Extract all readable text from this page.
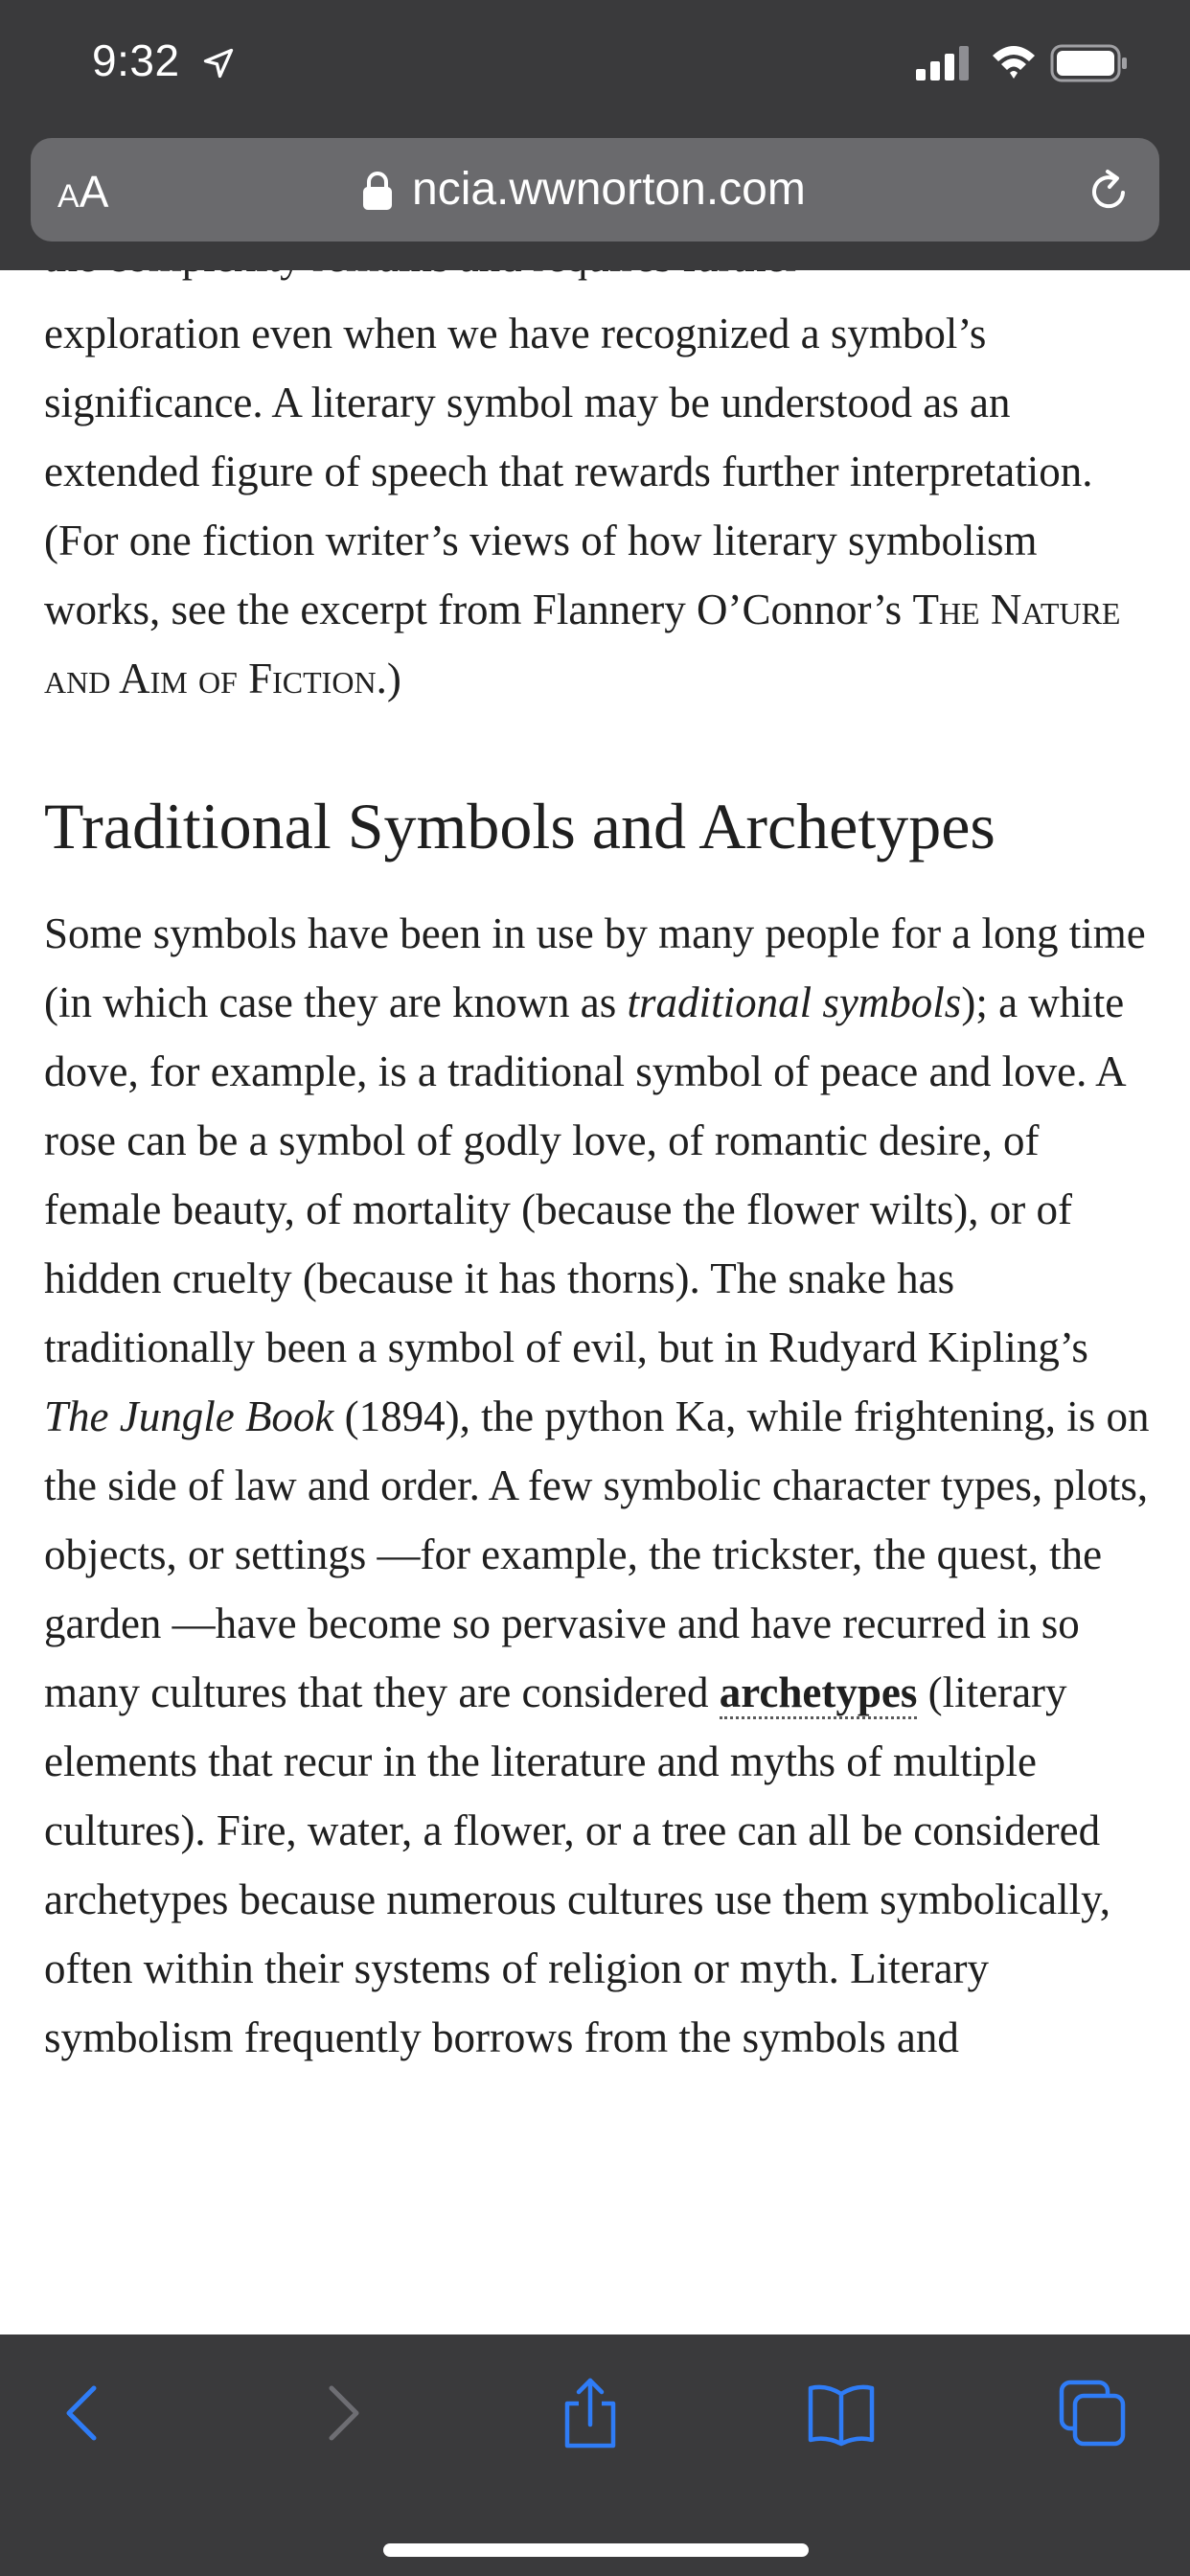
9:32
AA	ncia.wwnorton.com

exploration even when we have recognized a symbol’s significance. A literary symbol may be understood as an extended figure of speech that rewards further interpretation. (For one fiction writer’s views of how literary symbolism works, see the excerpt from Flannery O’Connor’s The Nature and Aim of Fiction.)

Traditional Symbols and Archetypes

Some symbols have been in use by many people for a long time (in which case they are known as traditional symbols); a white dove, for example, is a traditional symbol of peace and love. A rose can be a symbol of godly love, of romantic desire, of female beauty, of mortality (because the flower wilts), or of hidden cruelty (because it has thorns). The snake has traditionally been a symbol of evil, but in Rudyard Kipling’s The Jungle Book (1894), the python Ka, while frightening, is on the side of law and order. A few symbolic character types, plots, objects, or settings —for example, the trickster, the quest, the garden —have become so pervasive and have recurred in so many cultures that they are considered archetypes (literary elements that recur in the literature and myths of multiple cultures). Fire, water, a flower, or a tree can all be considered archetypes because numerous cultures use them symbolically, often within their systems of religion or myth. Literary symbolism frequently borrows from the symbols and
